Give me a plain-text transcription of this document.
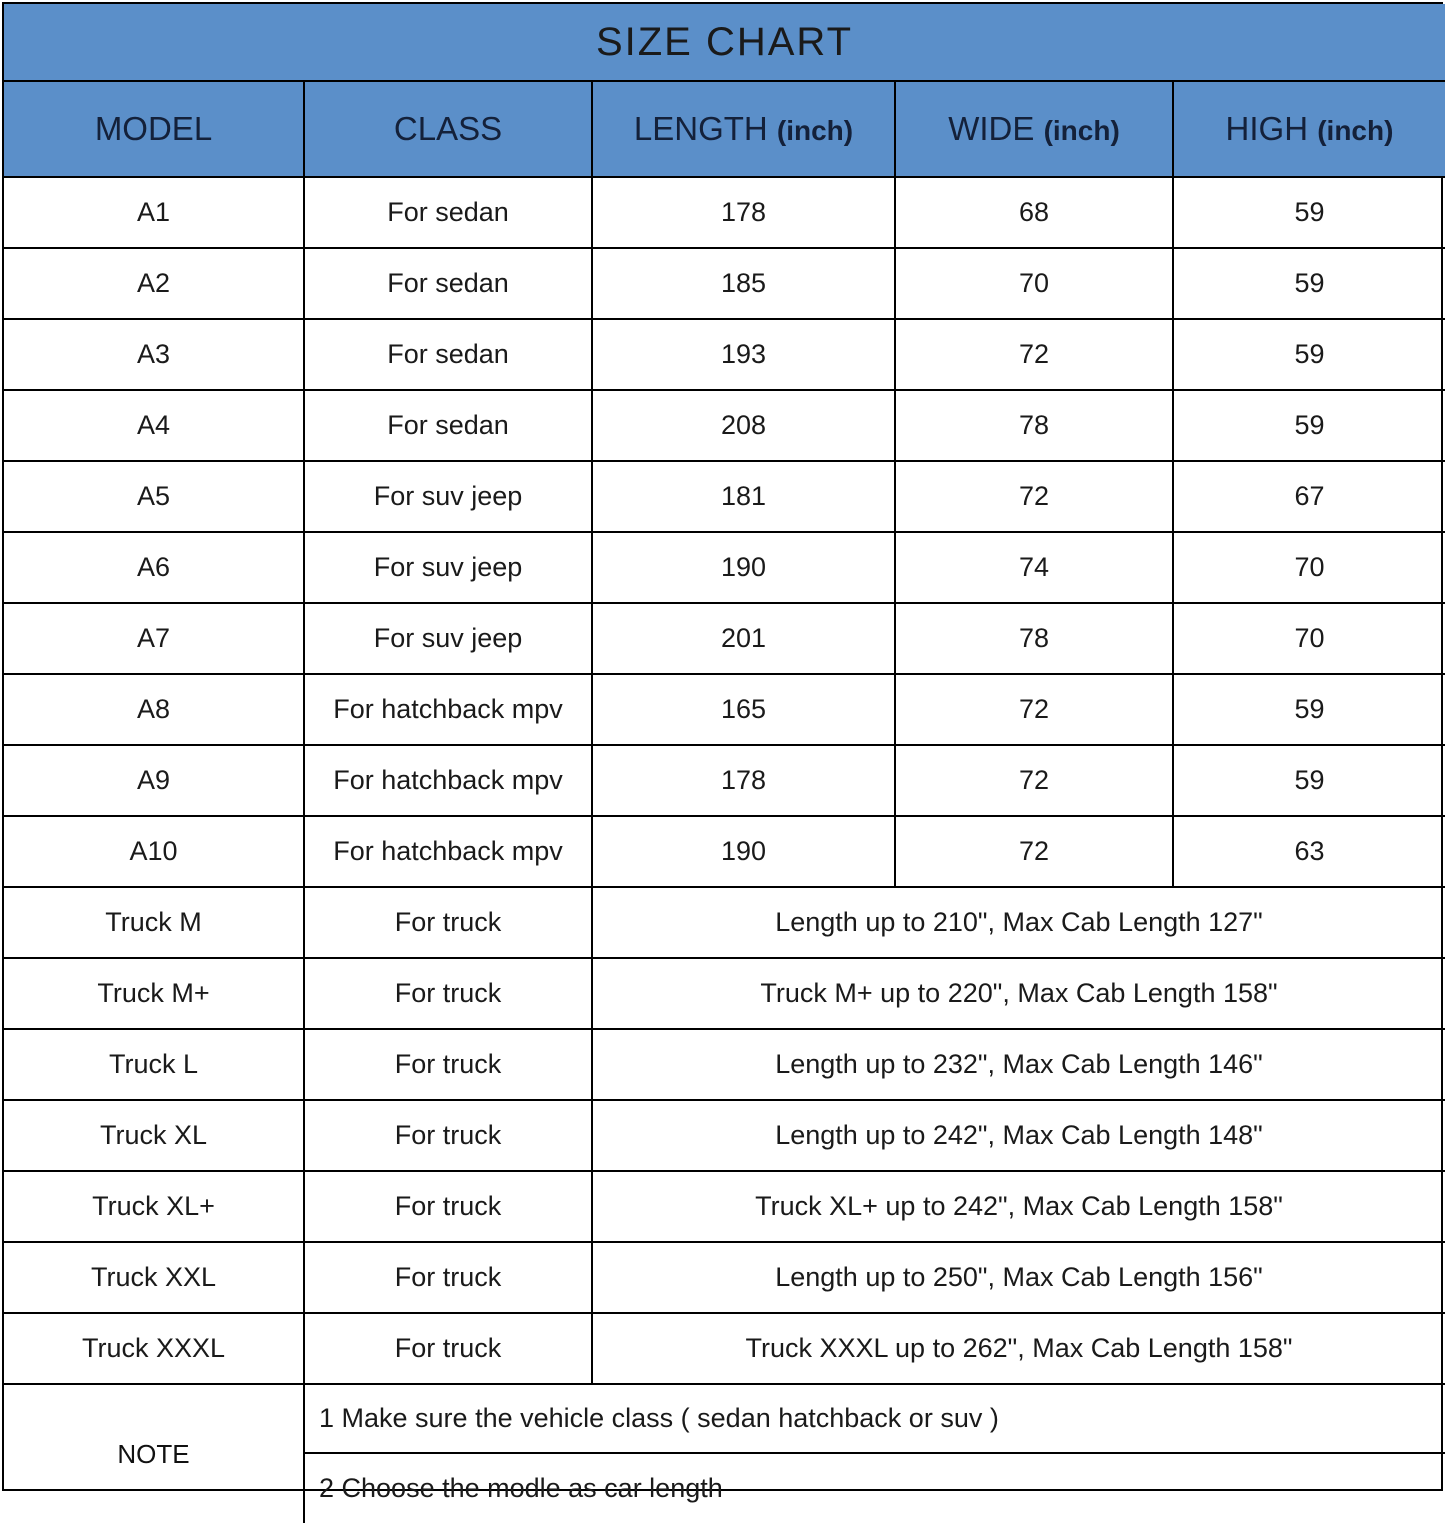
SIZE CHART				
MODEL	CLASS	LENGTH (inch)	WIDE (inch)	HIGH (inch)
A1	For sedan	178	68	59
A2	For sedan	185	70	59
A3	For sedan	193	72	59
A4	For sedan	208	78	59
A5	For suv jeep	181	72	67
A6	For suv jeep	190	74	70
A7	For suv jeep	201	78	70
A8	For hatchback mpv	165	72	59
A9	For hatchback mpv	178	72	59
A10	For hatchback mpv	190	72	63
Truck M	For truck	Length up to 210", Max Cab Length 127"		
Truck M+	For truck	Truck M+ up to 220", Max Cab Length 158"		
Truck L	For truck	Length up to 232", Max Cab Length 146"		
Truck XL	For truck	Length up to 242", Max Cab Length 148"		
Truck XL+	For truck	Truck XL+ up to 242", Max Cab Length 158"		
Truck XXL	For truck	Length up to 250", Max Cab Length 156"		
Truck XXXL	For truck	Truck XXXL up to 262", Max Cab Length 158"		
NOTE	1 Make sure the vehicle class ( sedan hatchback or suv )
2 Choose the modle as car length			
